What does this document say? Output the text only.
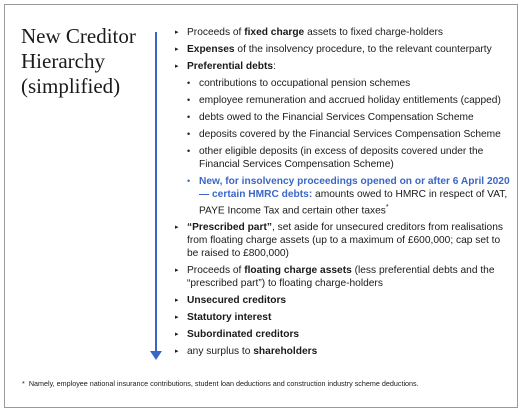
New Creditor
Hierarchy
(simplified)
▸ Proceeds of fixed charge assets to fixed charge-holders
▸ Expenses of the insolvency procedure, to the relevant counterparty
▸ Preferential debts:
• contributions to occupational pension schemes
• employee remuneration and accrued holiday entitlements (capped)
• debts owed to the Financial Services Compensation Scheme
• deposits covered by the Financial Services Compensation Scheme
• other eligible deposits (in excess of deposits covered under the Financial Services Compensation Scheme)
• New, for insolvency proceedings opened on or after 6 April 2020 — certain HMRC debts: amounts owed to HMRC in respect of VAT, PAYE Income Tax and certain other taxes*
▸ “Prescribed part”, set aside for unsecured creditors from realisations from floating charge assets (up to a maximum of £600,000; cap set to be raised to £800,000)
▸ Proceeds of floating charge assets (less preferential debts and the “prescribed part”) to floating charge-holders
▸ Unsecured creditors
▸ Statutory interest
▸ Subordinated creditors
▸ any surplus to shareholders
* Namely, employee national insurance contributions, student loan deductions and construction industry scheme deductions.
